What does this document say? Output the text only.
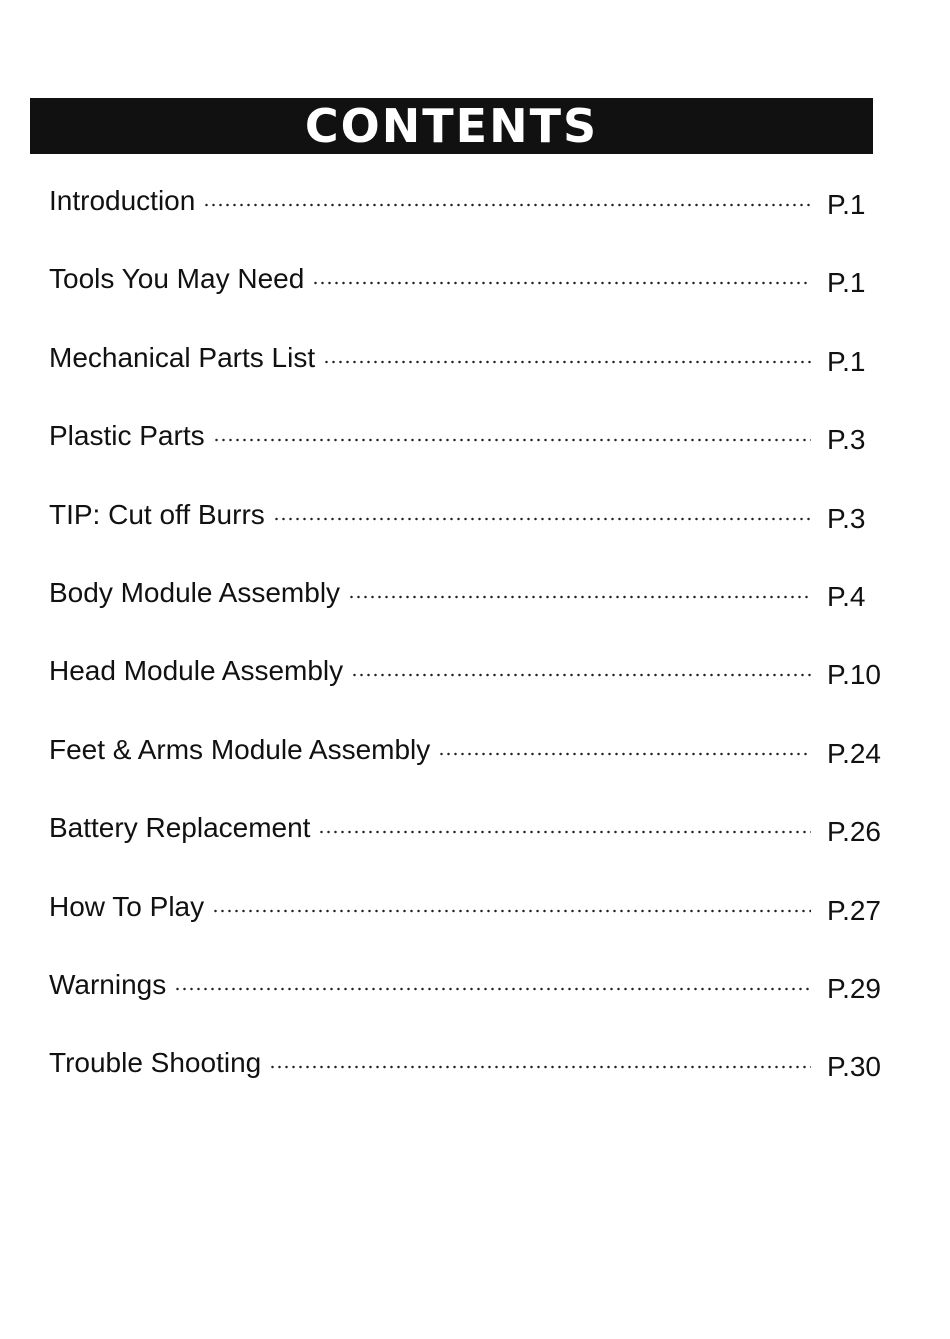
CONTENTS
Introduction	P.1
Tools You May Need	P.1
Mechanical Parts List	P.1
Plastic Parts	P.3
TIP: Cut off Burrs	P.3
Body Module Assembly	P.4
Head Module Assembly	P.10
Feet & Arms Module Assembly	P.24
Battery Replacement	P.26
How To Play	P.27
Warnings	P.29
Trouble Shooting	P.30
